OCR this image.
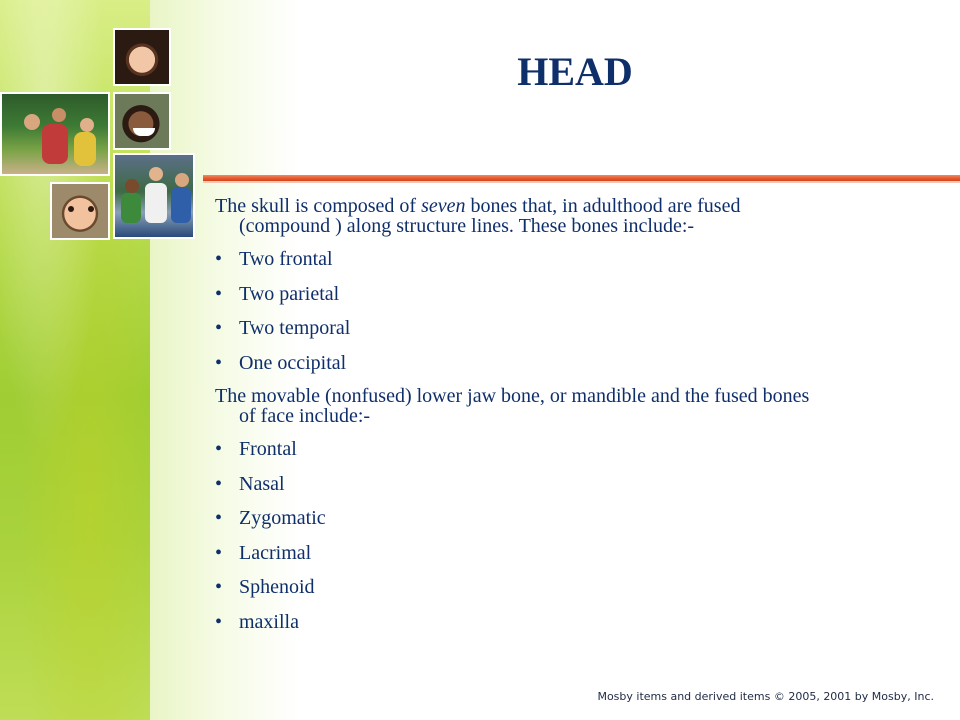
HEAD

The skull is composed of seven bones that, in adulthood are fused
(compound ) along structure lines. These bones include:-

• Two frontal
• Two parietal
• Two temporal
• One occipital

The movable (nonfused) lower jaw bone, or mandible and the fused bones
of face include:-

• Frontal
• Nasal
• Zygomatic
• Lacrimal
• Sphenoid
• maxilla
Mosby items and derived items © 2005, 2001 by Mosby, Inc.
